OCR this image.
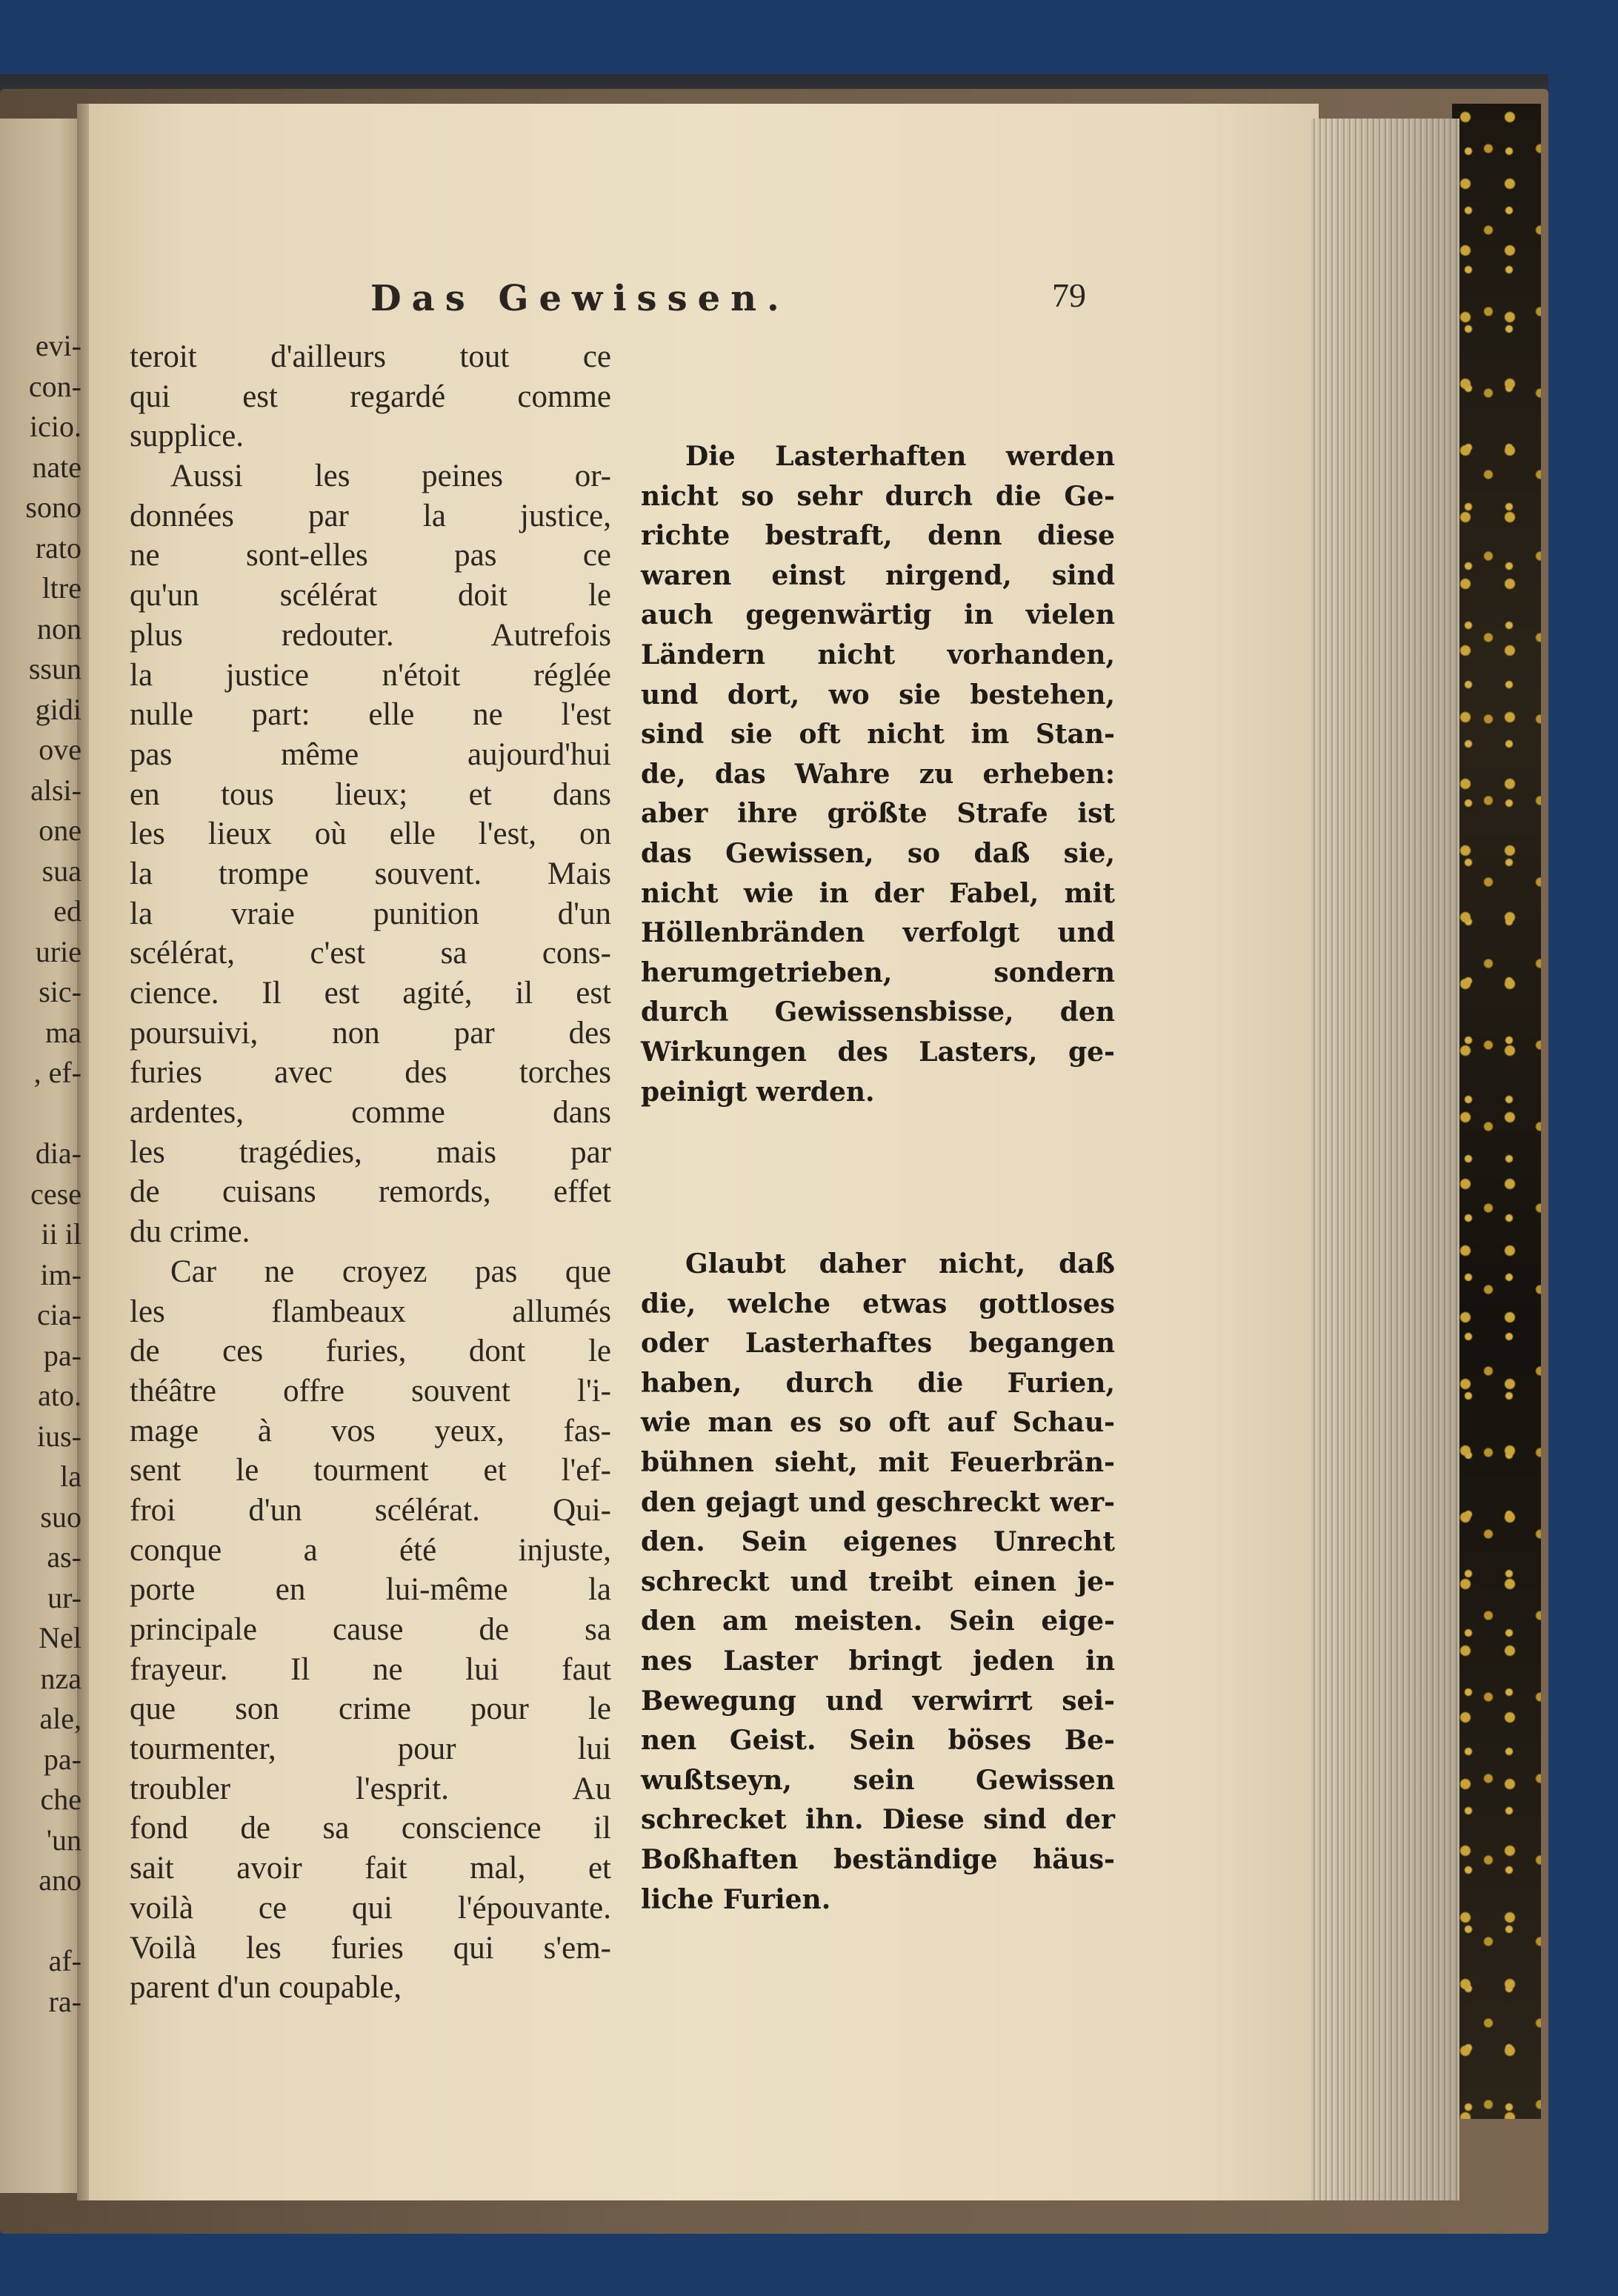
evi-
con-
icio.
nate
sono
rato
ltre
non
ssun
gidi
ove
alsi-
one
sua
ed
urie
sic-
ma
, ef-
dia-
cese
ii il
im-
cia-
pa-
ato.
ius-
la
suo
as-
ur-
Nel
nza
ale,
pa-
che
'un
ano
af-
ra-
Das Gewissen.	79
teroit d'ailleurs tout ce
qui est regardé comme
supplice.
Aussi les peines or-
données par la justice,
ne sont-elles pas ce
qu'un scélérat doit le
plus redouter. Autrefois
la justice n'étoit réglée
nulle part: elle ne l'est
pas même aujourd'hui
en tous lieux; et dans
les lieux où elle l'est, on
la trompe souvent. Mais
la vraie punition d'un
scélérat, c'est sa cons-
cience. Il est agité, il est
poursuivi, non par des
furies avec des torches
ardentes, comme dans
les tragédies, mais par
de cuisans remords, effet
du crime.
Car ne croyez pas que
les flambeaux allumés
de ces furies, dont le
théâtre offre souvent l'i-
mage à vos yeux, fas-
sent le tourment et l'ef-
froi d'un scélérat. Qui-
conque a été injuste,
porte en lui-même la
principale cause de sa
frayeur. Il ne lui faut
que son crime pour le
tourmenter, pour lui
troubler l'esprit. Au
fond de sa conscience il
sait avoir fait mal, et
voilà ce qui l'épouvante.
Voilà les furies qui s'em-
parent d'un coupable,
Die Lasterhaften werden
nicht so sehr durch die Ge-
richte bestraft, denn diese
waren einst nirgend, sind
auch gegenwärtig in vielen
Ländern nicht vorhanden,
und dort, wo sie bestehen,
sind sie oft nicht im Stan-
de, das Wahre zu erheben:
aber ihre größte Strafe ist
das Gewissen, so daß sie,
nicht wie in der Fabel, mit
Höllenbränden verfolgt und
herumgetrieben, sondern
durch Gewissensbisse, den
Wirkungen des Lasters, ge-
peinigt werden.
Glaubt daher nicht, daß
die, welche etwas gottloses
oder Lasterhaftes begangen
haben, durch die Furien,
wie man es so oft auf Schau-
bühnen sieht, mit Feuerbrän-
den gejagt und geschreckt wer-
den. Sein eigenes Unrecht
schreckt und treibt einen je-
den am meisten. Sein eige-
nes Laster bringt jeden in
Bewegung und verwirrt sei-
nen Geist. Sein böses Be-
wußtseyn, sein Gewissen
schrecket ihn. Diese sind der
Boßhaften beständige häus-
liche Furien.
